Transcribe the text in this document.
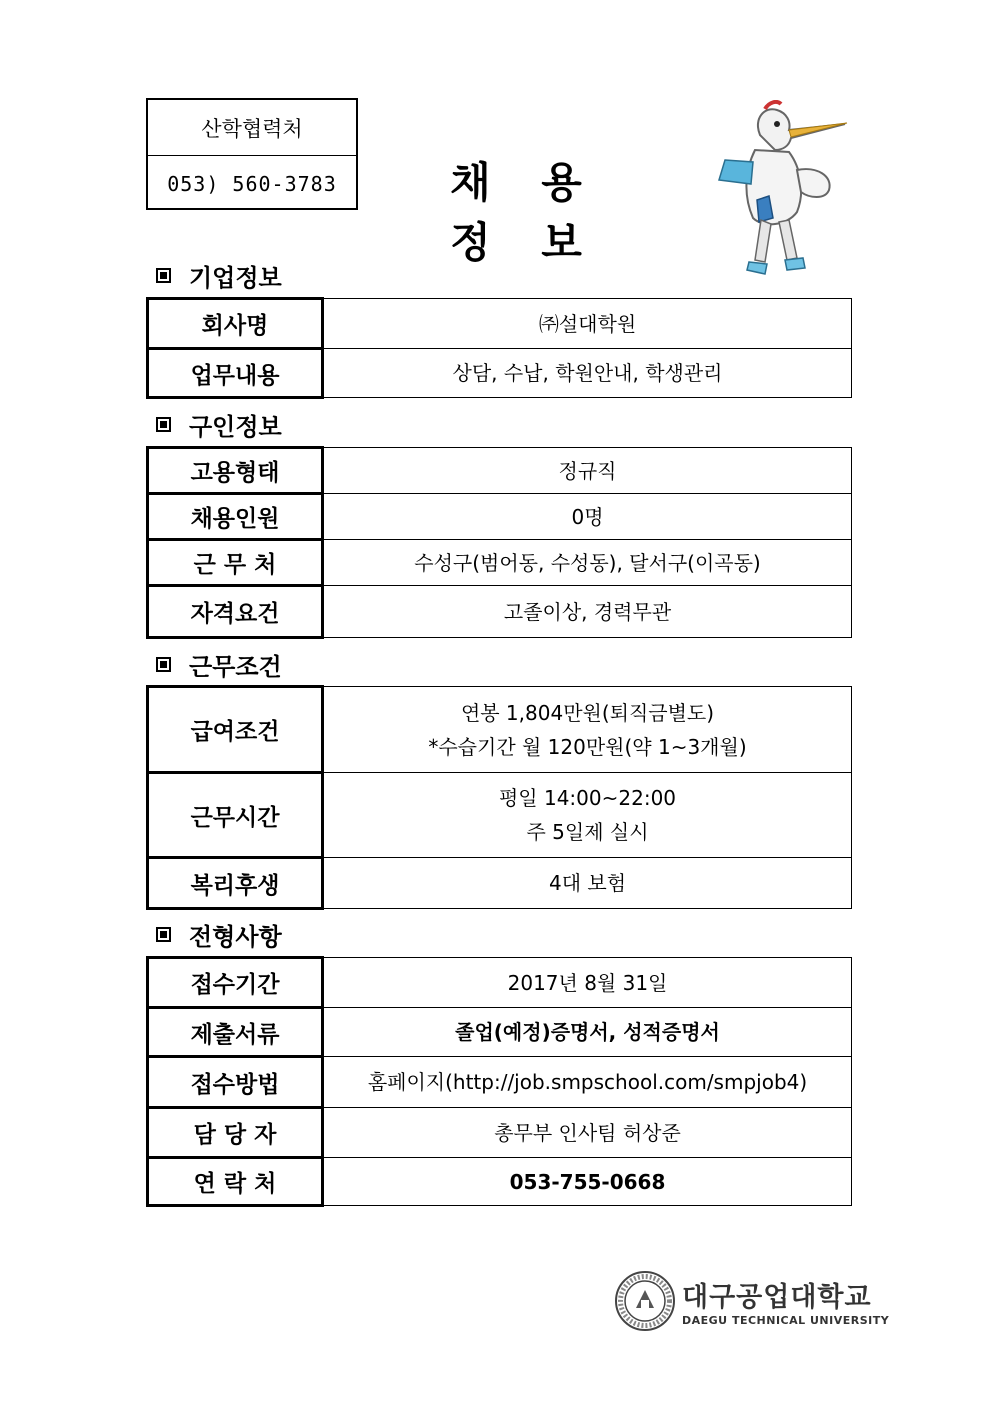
산학협력처
053) 560-3783	채 용 정 보
기업정보
회사명	㈜설대학원
업무내용	상담, 수납, 학원안내, 학생관리
구인정보
고용형태	정규직
채용인원	0명
근 무 처	수성구(범어동, 수성동), 달서구(이곡동)
자격요건	고졸이상, 경력무관
근무조건
급여조건	연봉 1,804만원(퇴직금별도)
*수습기간 월 120만원(약 1~3개월)

근무시간	평일 14:00~22:00
주 5일제 실시

복리후생	4대 보험
전형사항
접수기간	2017년 8월 31일
제출서류	졸업(예정)증명서, 성적증명서
접수방법	홈페이지(http://job.smpschool.com/smpjob4)
담 당 자	총무부 인사팀 허상준
연 락 처	053-755-0668
대구공업대학교
DAEGU TECHNICAL UNIVERSITY
